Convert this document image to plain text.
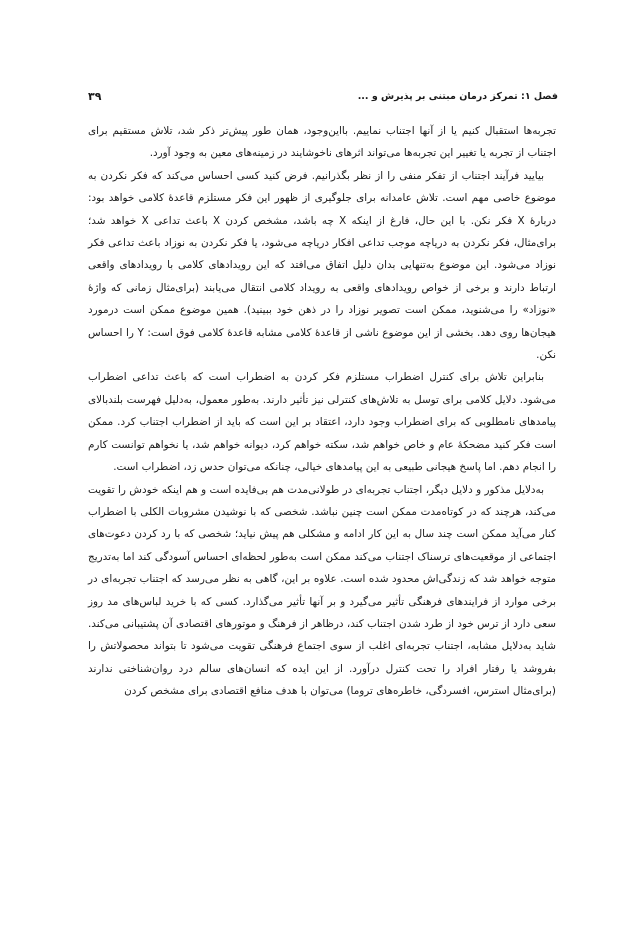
فصل ۱: تمرکز درمان مبتنی بر پذیرش و ...
۳۹

تجربه‌ها استقبال کنیم یا از آنها اجتناب نماییم. بااین‌وجود، همان طور پیش‌تر ذکر شد، تلاش مستقیم برای اجتناب از تجربه یا تغییر این تجربه‌ها می‌تواند اثرهای ناخوشایند در زمینه‌های معین به وجود آورد.

بیایید فرآیند اجتناب از تفکر منفی را از نظر بگذرانیم. فرض کنید کسی احساس می‌کند که فکر نکردن به موضوع خاصی مهم است. تلاش عامدانه برای جلوگیری از ظهور این فکر مستلزم قاعدهٔ کلامی خواهد بود: دربارهٔ X فکر نکن. با این حال، فارغ از اینکه X چه باشد، مشخص کردن X باعث تداعی X خواهد شد؛ برای‌مثال، فکر نکردن به دریاچه موجب تداعی افکار دریاچه می‌شود، یا فکر نکردن به نوزاد باعث تداعی فکر نوزاد می‌شود. این موضوع به‌تنهایی بدان دلیل اتفاق می‌افتد که این رویدادهای کلامی با رویدادهای واقعی ارتباط دارند و برخی از خواص رویدادهای واقعی به رویداد کلامی انتقال می‌یابند (برای‌مثال زمانی که واژهٔ «نوزاد» را می‌شنوید، ممکن است تصویر نوزاد را در ذهن خود ببینید). همین موضوع ممکن است درمورد هیجان‌ها روی دهد. بخشی از این موضوع ناشی از قاعدهٔ کلامی مشابه قاعدهٔ کلامی فوق است: Y را احساس نکن.

بنابراین تلاش برای کنترل اضطراب مستلزم فکر کردن به اضطراب است که باعث تداعی اضطراب می‌شود. دلایل کلامی برای توسل به تلاش‌های کنترلی نیز تأثیر دارند. به‌طور معمول، به‌دلیل فهرست بلندبالای پیامدهای نامطلوبی که برای اضطراب وجود دارد، اعتقاد بر این است که باید از اضطراب اجتناب کرد. ممکن است فکر کنید مضحکهٔ عام و خاص خواهم شد، سکته خواهم کرد، دیوانه خواهم شد، یا نخواهم توانست کارم را انجام دهم. اما پاسخ هیجانی طبیعی به این پیامدهای خیالی، چنانکه می‌توان حدس زد، اضطراب است.

به‌دلایل مذکور و دلایل دیگر، اجتناب تجربه‌ای در طولانی‌مدت هم بی‌فایده است و هم اینکه خودش را تقویت می‌کند، هرچند که در کوتاه‌مدت ممکن است چنین نباشد. شخصی که با نوشیدن مشروبات الکلی با اضطراب کنار می‌آید ممکن است چند سال به این کار ادامه و مشکلی هم پیش نیاید؛ شخصی که با رد کردن دعوت‌های اجتماعی از موقعیت‌های ترسناک اجتناب می‌کند ممکن است به‌طور لحظه‌ای احساس آسودگی کند اما به‌تدریج متوجه خواهد شد که زندگی‌اش محدود شده است. علاوه بر این، گاهی به نظر می‌رسد که اجتناب تجربه‌ای در برخی موارد از فرایندهای فرهنگی تأثیر می‌گیرد و بر آنها تأثیر می‌گذارد. کسی که با خرید لباس‌های مد روز سعی دارد از ترس خود از طرد شدن اجتناب کند، درظاهر از فرهنگ و موتورهای اقتصادی آن پشتیبانی می‌کند. شاید به‌دلایل مشابه، اجتناب تجربه‌ای اغلب از سوی اجتماع فرهنگی تقویت می‌شود تا بتواند محصولاتش را بفروشد یا رفتار افراد را تحت کنترل درآورد. از این ایده که انسان‌های سالم درد روان‌شناختی ندارند (برای‌مثال استرس، افسردگی، خاطره‌های تروما) می‌توان با هدف منافع اقتصادی برای مشخص کردن
